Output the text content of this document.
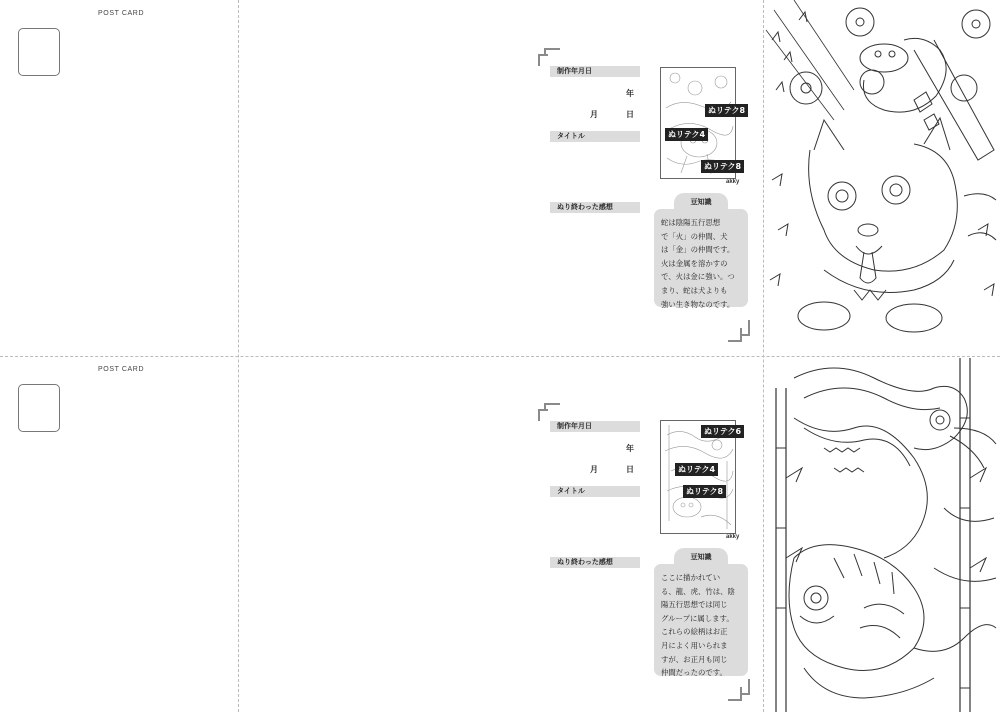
POST CARD
制作年月日
年
月	日
タイトル
ぬり終わった感想
ぬリテク8
ぬリテク4
ぬリテク8
akky
豆知識
蛇は陰陽五行思想
で「火」の仲間、犬
は「金」の仲間です。
火は金属を溶かすの
で、火は金に強い。つ
まり、蛇は犬よりも
強い生き物なのです。
POST CARD
制作年月日
年
月	日
タイトル
ぬり終わった感想
ぬリテク6
ぬリテク4
ぬリテク8
akky
豆知識
ここに描かれてい
る、龍、虎、竹は、陰
陽五行思想では同じ
グループに属します。
これらの絵柄はお正
月によく用いられま
すが、お正月も同じ
仲間だったのです。
